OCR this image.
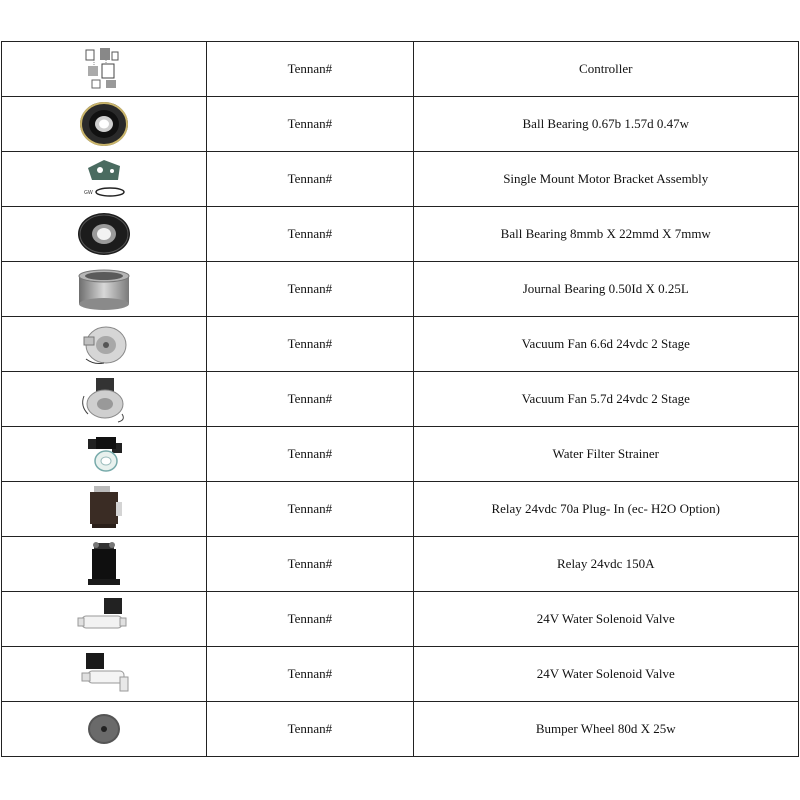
	Tennan#	Controller

	Tennan#	Ball Bearing 0.67b 1.57d 0.47w

GW	Tennan#	Single Mount Motor Bracket Assembly

	Tennan#	Ball Bearing 8mmb X 22mmd X 7mmw

	Tennan#	Journal Bearing 0.50Id X 0.25L

	Tennan#	Vacuum Fan 6.6d 24vdc 2 Stage

	Tennan#	Vacuum Fan 5.7d 24vdc 2 Stage

	Tennan#	Water Filter Strainer

	Tennan#	Relay 24vdc 70a Plug- In (ec- H2O Option)

	Tennan#	Relay 24vdc 150A

	Tennan#	24V Water Solenoid Valve

	Tennan#	24V Water Solenoid Valve

	Tennan#	Bumper Wheel 80d X 25w
